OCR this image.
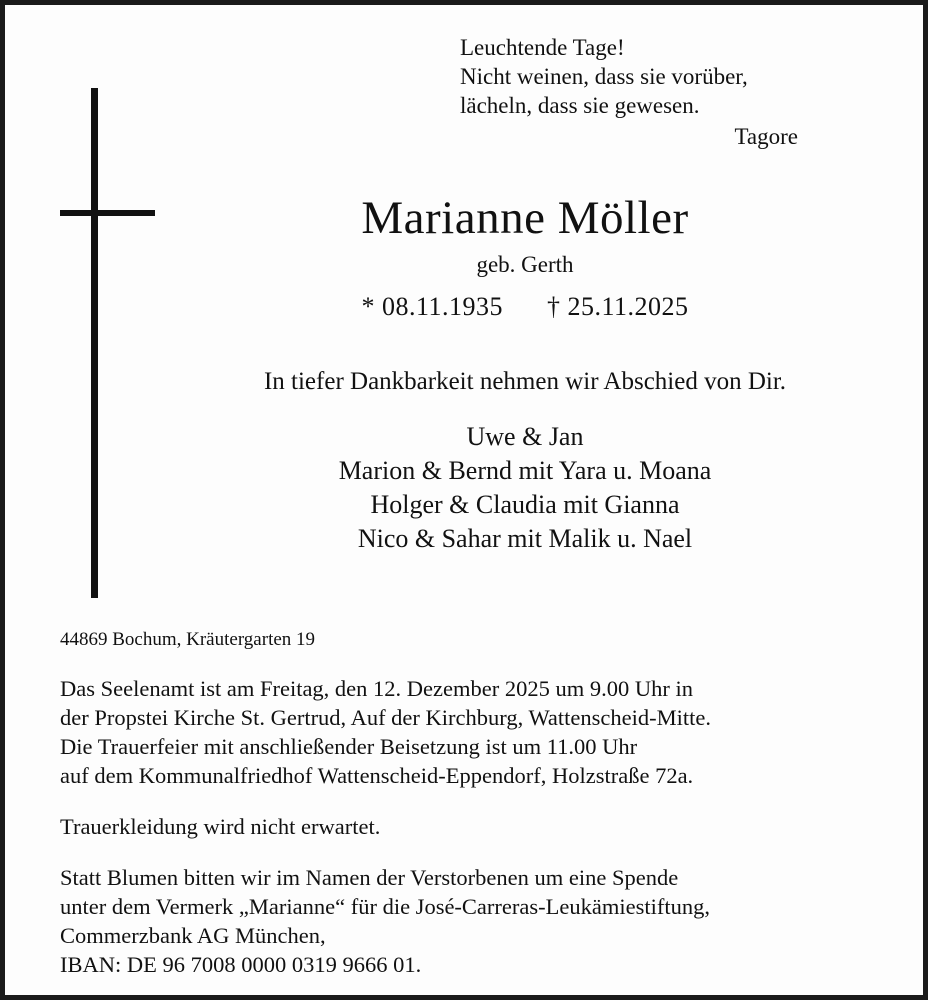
Leuchtende Tage!
Nicht weinen, dass sie vorüber,
lächeln, dass sie gewesen.
Tagore
Marianne Möller
geb. Gerth
* 08.11.1935 † 25.11.2025
In tiefer Dankbarkeit nehmen wir Abschied von Dir.
Uwe & Jan
Marion & Bernd mit Yara u. Moana
Holger & Claudia mit Gianna
Nico & Sahar mit Malik u. Nael
44869 Bochum, Kräutergarten 19
Das Seelenamt ist am Freitag, den 12. Dezember 2025 um 9.00 Uhr in
der Propstei Kirche St. Gertrud, Auf der Kirchburg, Wattenscheid-Mitte.
Die Trauerfeier mit anschließender Beisetzung ist um 11.00 Uhr
auf dem Kommunalfriedhof Wattenscheid-Eppendorf, Holzstraße 72a.
Trauerkleidung wird nicht erwartet.
Statt Blumen bitten wir im Namen der Verstorbenen um eine Spende
unter dem Vermerk „Marianne“ für die José-Carreras-Leukämiestiftung,
Commerzbank AG München,
IBAN: DE 96 7008 0000 0319 9666 01.
